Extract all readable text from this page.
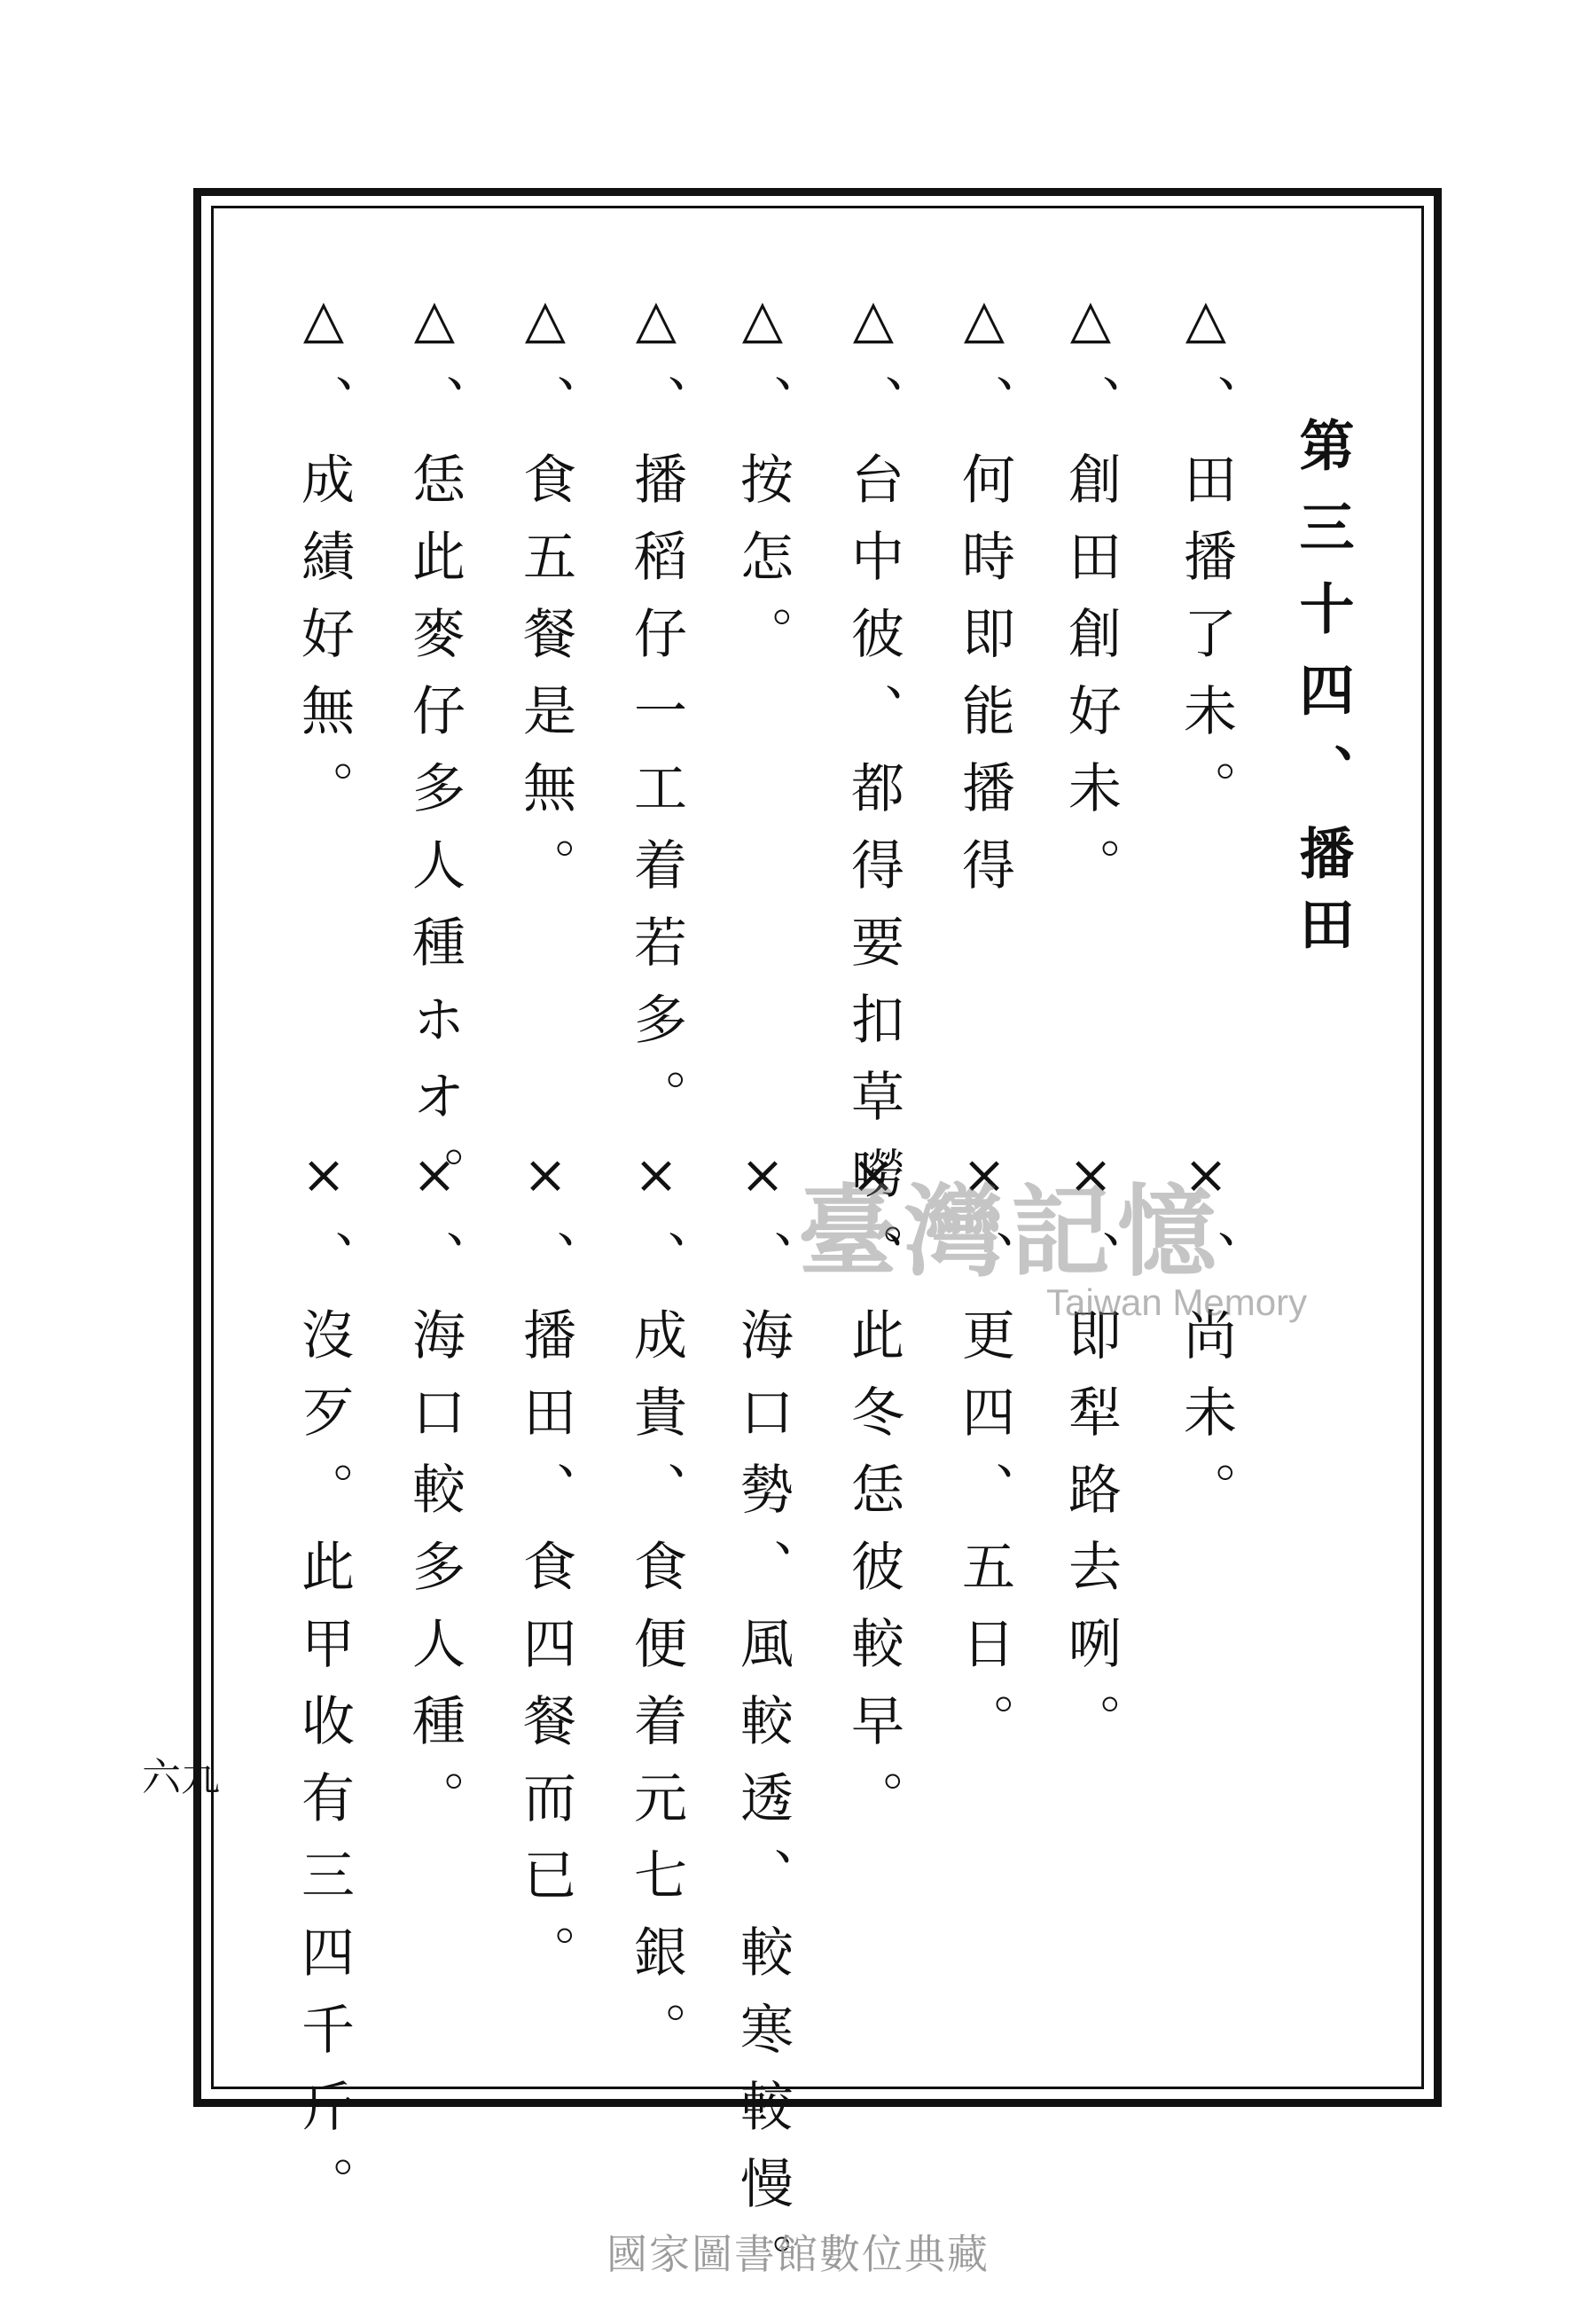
第三十四、播
田
△、田播了未。
△、創田創好未。
△、何時即能播得
△、台中彼、都得要扣草嘮。
△、按怎。
△、播稻仔一工着若多。
△、食五餐是無。
△、恁此麥仔多人種ホオ。
△、成績好無。
×、尚未。
×、即犁路去咧。
×、更四、五日。
×、此冬恁彼較早。
×、海口勢、風較透、較寒較慢。
×、成貴、食便着元七銀。
×、播田、食四餐而已。
×、海口較多人種。
×、沒歹。此甲收有三四千斤。
六九
臺灣記憶
Taiwan Memory
國家圖書館數位典藏
